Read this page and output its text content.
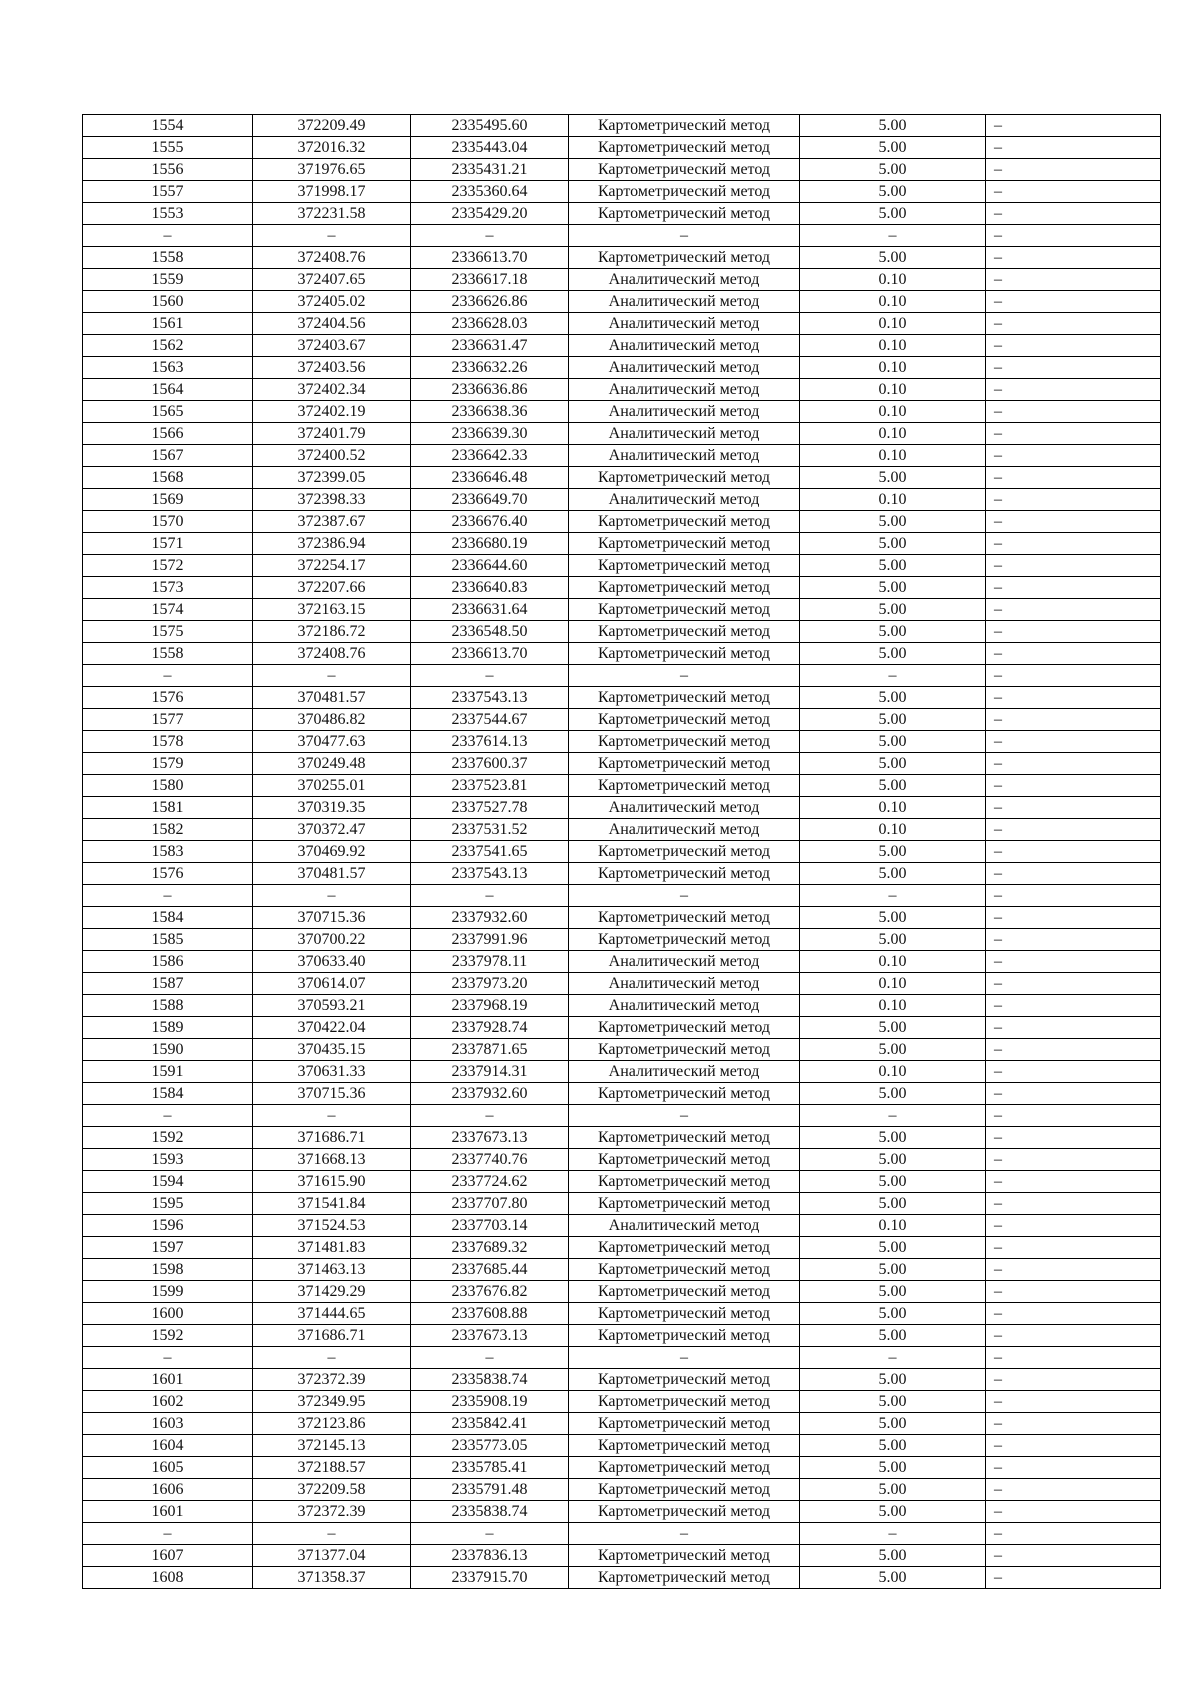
1554	372209.49	2335495.60	Картометрический метод	5.00	–
1555	372016.32	2335443.04	Картометрический метод	5.00	–
1556	371976.65	2335431.21	Картометрический метод	5.00	–
1557	371998.17	2335360.64	Картометрический метод	5.00	–
1553	372231.58	2335429.20	Картометрический метод	5.00	–
–	–	–	–	–	–
1558	372408.76	2336613.70	Картометрический метод	5.00	–
1559	372407.65	2336617.18	Аналитический метод	0.10	–
1560	372405.02	2336626.86	Аналитический метод	0.10	–
1561	372404.56	2336628.03	Аналитический метод	0.10	–
1562	372403.67	2336631.47	Аналитический метод	0.10	–
1563	372403.56	2336632.26	Аналитический метод	0.10	–
1564	372402.34	2336636.86	Аналитический метод	0.10	–
1565	372402.19	2336638.36	Аналитический метод	0.10	–
1566	372401.79	2336639.30	Аналитический метод	0.10	–
1567	372400.52	2336642.33	Аналитический метод	0.10	–
1568	372399.05	2336646.48	Картометрический метод	5.00	–
1569	372398.33	2336649.70	Аналитический метод	0.10	–
1570	372387.67	2336676.40	Картометрический метод	5.00	–
1571	372386.94	2336680.19	Картометрический метод	5.00	–
1572	372254.17	2336644.60	Картометрический метод	5.00	–
1573	372207.66	2336640.83	Картометрический метод	5.00	–
1574	372163.15	2336631.64	Картометрический метод	5.00	–
1575	372186.72	2336548.50	Картометрический метод	5.00	–
1558	372408.76	2336613.70	Картометрический метод	5.00	–
–	–	–	–	–	–
1576	370481.57	2337543.13	Картометрический метод	5.00	–
1577	370486.82	2337544.67	Картометрический метод	5.00	–
1578	370477.63	2337614.13	Картометрический метод	5.00	–
1579	370249.48	2337600.37	Картометрический метод	5.00	–
1580	370255.01	2337523.81	Картометрический метод	5.00	–
1581	370319.35	2337527.78	Аналитический метод	0.10	–
1582	370372.47	2337531.52	Аналитический метод	0.10	–
1583	370469.92	2337541.65	Картометрический метод	5.00	–
1576	370481.57	2337543.13	Картометрический метод	5.00	–
–	–	–	–	–	–
1584	370715.36	2337932.60	Картометрический метод	5.00	–
1585	370700.22	2337991.96	Картометрический метод	5.00	–
1586	370633.40	2337978.11	Аналитический метод	0.10	–
1587	370614.07	2337973.20	Аналитический метод	0.10	–
1588	370593.21	2337968.19	Аналитический метод	0.10	–
1589	370422.04	2337928.74	Картометрический метод	5.00	–
1590	370435.15	2337871.65	Картометрический метод	5.00	–
1591	370631.33	2337914.31	Аналитический метод	0.10	–
1584	370715.36	2337932.60	Картометрический метод	5.00	–
–	–	–	–	–	–
1592	371686.71	2337673.13	Картометрический метод	5.00	–
1593	371668.13	2337740.76	Картометрический метод	5.00	–
1594	371615.90	2337724.62	Картометрический метод	5.00	–
1595	371541.84	2337707.80	Картометрический метод	5.00	–
1596	371524.53	2337703.14	Аналитический метод	0.10	–
1597	371481.83	2337689.32	Картометрический метод	5.00	–
1598	371463.13	2337685.44	Картометрический метод	5.00	–
1599	371429.29	2337676.82	Картометрический метод	5.00	–
1600	371444.65	2337608.88	Картометрический метод	5.00	–
1592	371686.71	2337673.13	Картометрический метод	5.00	–
–	–	–	–	–	–
1601	372372.39	2335838.74	Картометрический метод	5.00	–
1602	372349.95	2335908.19	Картометрический метод	5.00	–
1603	372123.86	2335842.41	Картометрический метод	5.00	–
1604	372145.13	2335773.05	Картометрический метод	5.00	–
1605	372188.57	2335785.41	Картометрический метод	5.00	–
1606	372209.58	2335791.48	Картометрический метод	5.00	–
1601	372372.39	2335838.74	Картометрический метод	5.00	–
–	–	–	–	–	–
1607	371377.04	2337836.13	Картометрический метод	5.00	–
1608	371358.37	2337915.70	Картометрический метод	5.00	–
